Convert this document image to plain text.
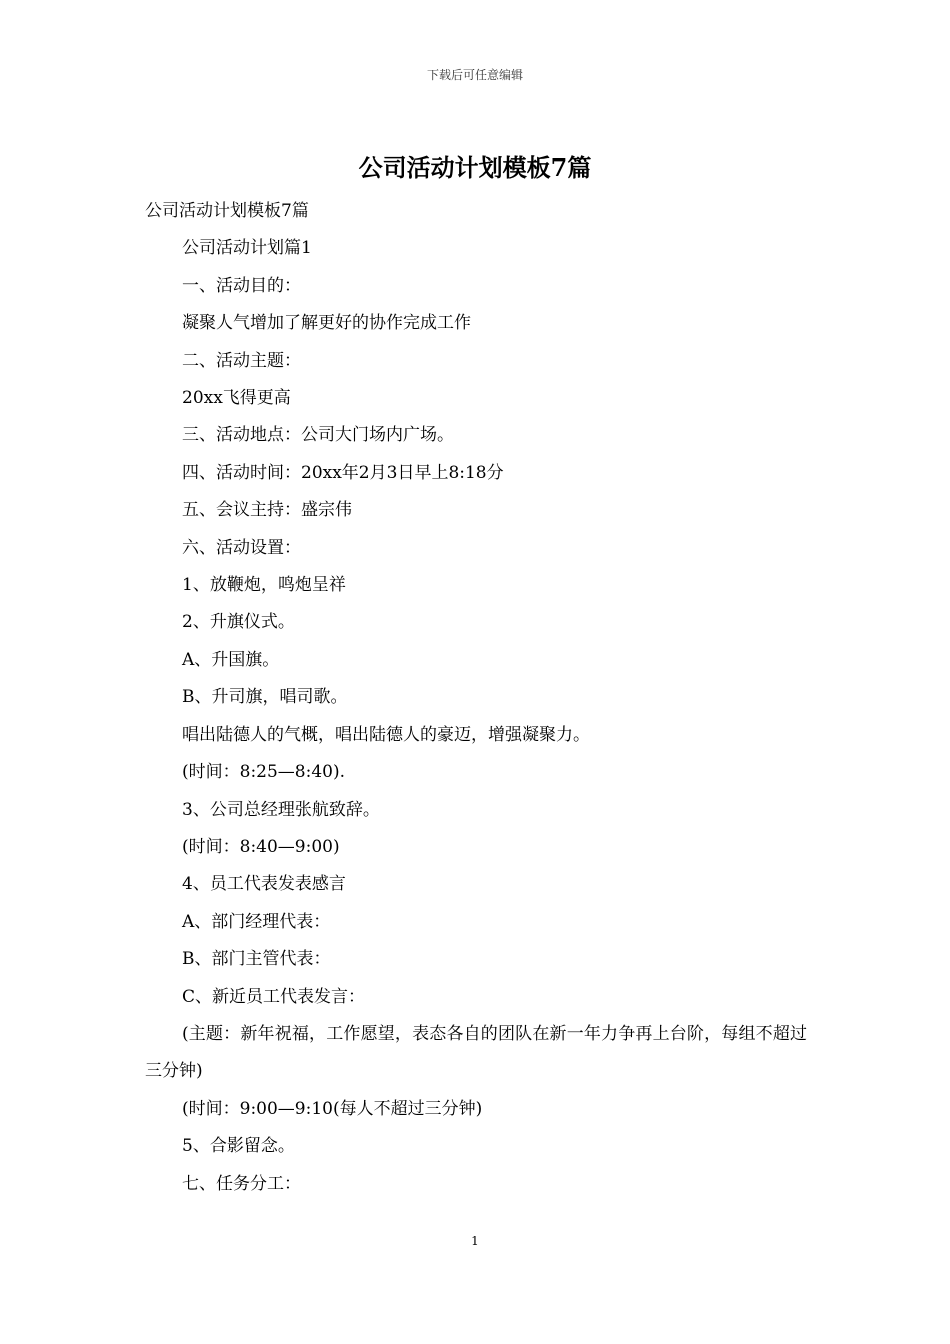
下载后可任意编辑
公司活动计划模板7篇

公司活动计划模板7篇

公司活动计划篇1

一、活动目的：

凝聚人气增加了解更好的协作完成工作

二、活动主题：

20xx飞得更高

三、活动地点：公司大门场内广场。

四、活动时间：20xx年2月3日早上8:18分

五、会议主持：盛宗伟

六、活动设置：

1、放鞭炮，鸣炮呈祥

2、升旗仪式。

A、升国旗。

B、升司旗，唱司歌。

唱出陆德人的气概，唱出陆德人的豪迈，增强凝聚力。

(时间：8:25—8:40).

3、公司总经理张航致辞。

(时间：8:40—9:00)

4、员工代表发表感言

A、部门经理代表：

B、部门主管代表：

C、新近员工代表发言：

(主题：新年祝福，工作愿望，表态各自的团队在新一年力争再上台阶，每组不超过三分钟)

(时间：9:00—9:10(每人不超过三分钟)

5、合影留念。

七、任务分工：

1
